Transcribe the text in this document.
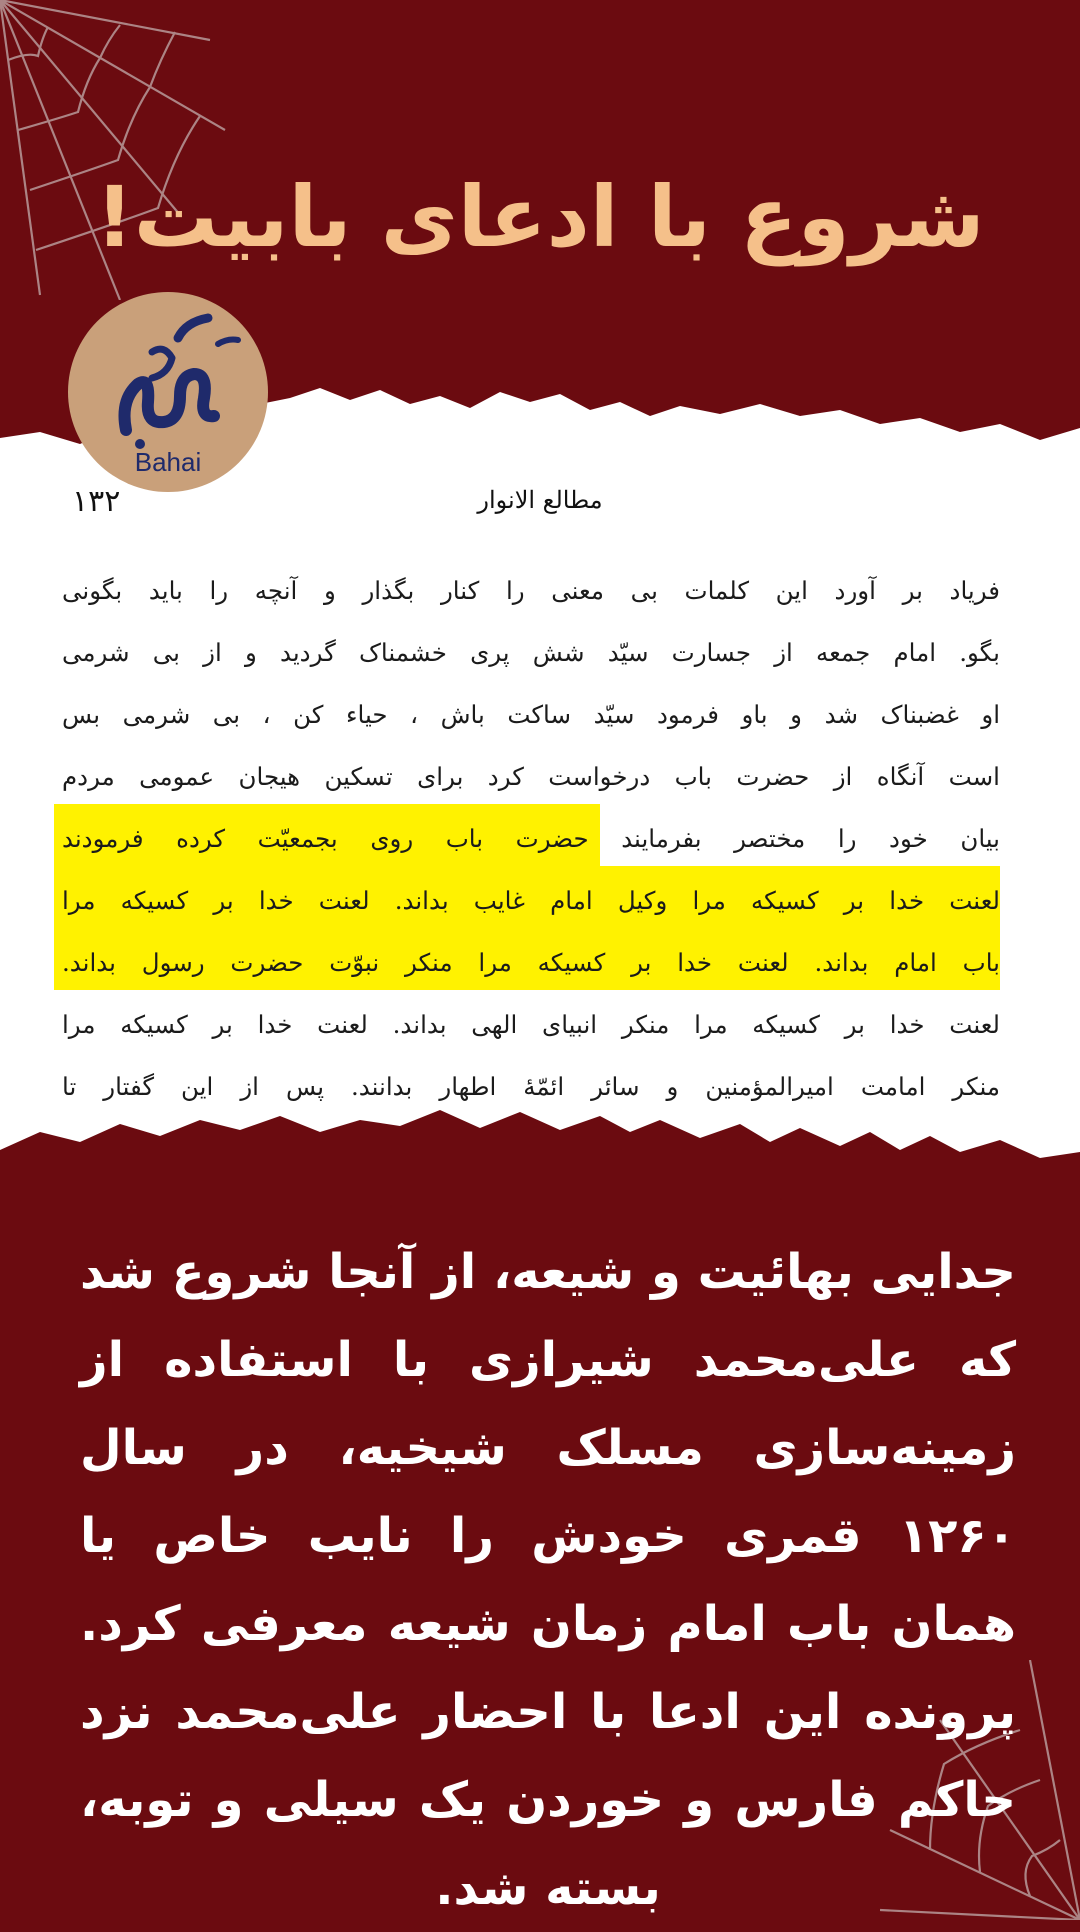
شروع با ادعای بابیت!
۱۳۲	مطالع الانوار
فریاد بر آورد این کلمات بی معنی را کنار بگذار و آنچه را باید بگونی
بگو. امام جمعه از جسارت سیّد شش پری خشمناک گردید و از بی شرمی
او غضبناک شد و باو فرمود سیّد ساکت باش ، حیاء کن ، بی شرمی بس
است آنگاه از حضرت باب درخواست کرد برای تسکین هیجان عمومی مردم
بیان خود را مختصر بفرمایند حضرت باب روی بجمعیّت کرده فرمودند
لعنت خدا بر کسیکه مرا وکیل امام غایب بداند. لعنت خدا بر کسیکه مرا
باب امام بداند. لعنت خدا بر کسیکه مرا منکر نبوّت حضرت رسول بداند.
لعنت خدا بر کسیکه مرا منکر انبیای الهی بداند. لعنت خدا بر کسیکه مرا
منکر امامت امیرالمؤمنین و سائر ائمّهٔ اطهار بدانند. پس از این گفتار تا
Bahai

جدایی بهائیت و شیعه، از آنجا شروع شد که علی‌محمد شیرازی با استفاده از زمینه‌سازی مسلک شیخیه، در سال ۱۲۶۰ قمری خودش را نایب خاص یا همان باب امام زمان شیعه معرفی کرد. پرونده این ادعا با احضار علی‌محمد نزد حاکم فارس و خوردن یک سیلی و توبه، بسته شد.
